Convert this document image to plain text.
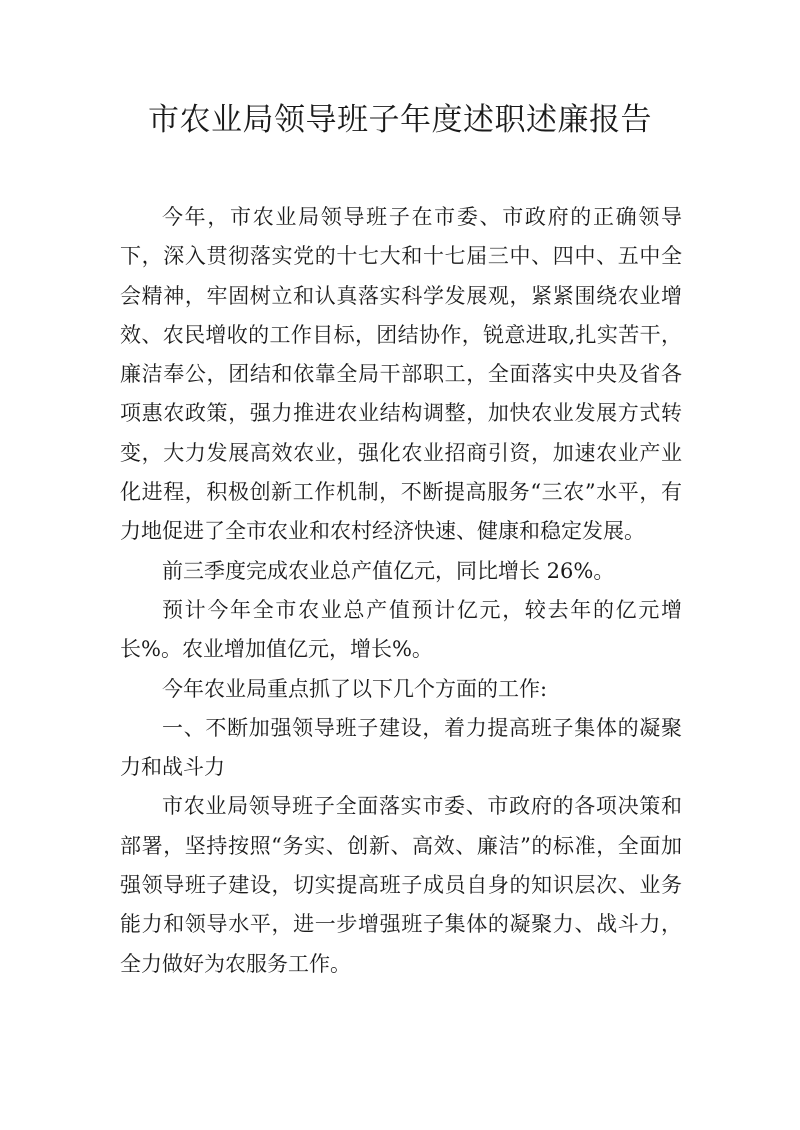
市农业局领导班子年度述职述廉报告

今年，市农业局领导班子在市委、市政府的正确领导下，深入贯彻落实党的十七大和十七届三中、四中、五中全会精神，牢固树立和认真落实科学发展观，紧紧围绕农业增效、农民增收的工作目标，团结协作，锐意进取,扎实苦干，廉洁奉公，团结和依靠全局干部职工，全面落实中央及省各项惠农政策，强力推进农业结构调整，加快农业发展方式转变，大力发展高效农业，强化农业招商引资，加速农业产业化进程，积极创新工作机制，不断提高服务“三农”水平，有力地促进了全市农业和农村经济快速、健康和稳定发展。

前三季度完成农业总产值亿元，同比增长 26%。

预计今年全市农业总产值预计亿元，较去年的亿元增长%。农业增加值亿元，增长%。

今年农业局重点抓了以下几个方面的工作:

一、不断加强领导班子建设，着力提高班子集体的凝聚力和战斗力

市农业局领导班子全面落实市委、市政府的各项决策和部署，坚持按照“务实、创新、高效、廉洁”的标准，全面加强领导班子建设，切实提高班子成员自身的知识层次、业务能力和领导水平，进一步增强班子集体的凝聚力、战斗力，全力做好为农服务工作。
